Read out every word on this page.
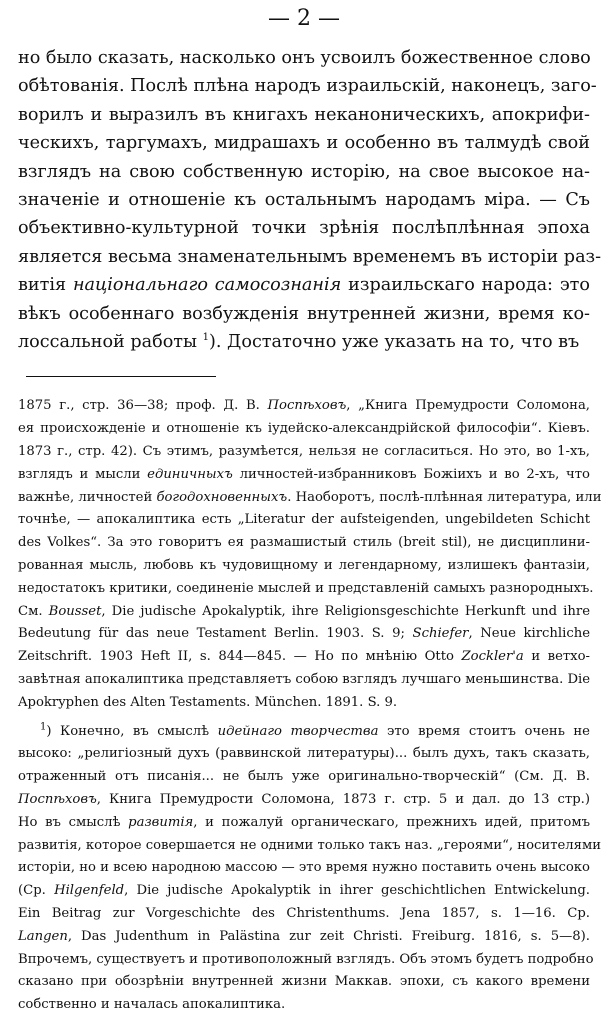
— 2 —

но было сказать, насколько онъ усвоилъ божественное слово
обѣтованія. Послѣ плѣна народъ израильскій, наконецъ, заго-
ворилъ и выразилъ въ книгахъ неканоническихъ, апокрифи-
ческихъ, таргумахъ, мидрашахъ и особенно въ талмудѣ свой
взглядъ на свою собственную исторію, на свое высокое на-
значеніе и отношеніе къ остальнымъ народамъ міра. — Съ
объективно-культурной точки зрѣнія послѣплѣнная эпоха
является весьма знаменательнымъ временемъ въ исторіи раз-
витія національнаго самосознанія израильскаго народа: это
вѣкъ особеннаго возбужденія внутренней жизни, время ко-
лоссальной работы $^1$). Достаточно уже указать на то, что въ

1875 г., стр. 36—38; проф. Д. В. Поспѣховъ, „Книга Премудрости Соломона,
ея происхожденіе и отношеніе къ іудейско-александрійской философіи“. Кіевъ.
1873 г., стр. 42). Съ этимъ, разумѣется, нельзя не согласиться. Но это, во 1-хъ,
взглядъ и мысли единичныхъ личностей-избранниковъ Божіихъ и во 2-хъ, что
важнѣе, личностей богодохновенныхъ. Наоборотъ, послѣ-плѣнная литература, или
точнѣе, — апокалиптика есть „Literatur der aufsteigenden, ungebildeten Schicht
des Volkes“. За это говоритъ ея размашистый стиль (breit stil), не дисциплини-
рованная мысль, любовь къ чудовищному и легендарному, излишекъ фантазіи,
недостатокъ критики, соединеніе мыслей и представленій самыхъ разнородныхъ.
См. Bousset, Die judische Apokalyptik, ihre Religionsgeschichte Herkunft und ihre
Bedeutung für das neue Testament Berlin. 1903. S. 9; Schiefer, Neue kirchliche
Zeitschrift. 1903 Heft II, s. 844—845. — Но по мнѣнію Otto Zockler'a и ветхо-
завѣтная апокалиптика представляетъ собою взглядъ лучшаго меньшинства. Die
Apokryphen des Alten Testaments. München. 1891. S. 9.

$^1$) Конечно, въ смыслѣ идейнаго творчества это время стоитъ очень не
высоко: „религіозный духъ (раввинской литературы)... былъ духъ, такъ сказать,
отраженный отъ писанія... не былъ уже оригинально-творческій“ (См. Д. В.
Поспѣховъ, Книга Премудрости Соломона, 1873 г. стр. 5 и дал. до 13 стр.)
Но въ смыслѣ развитія, и пожалуй органическаго, прежнихъ идей, притомъ
развитія, которое совершается не одними только такъ наз. „героями“, носителями
исторіи, но и всею народною массою — это время нужно поставить очень высоко
(Ср. Hilgenfeld, Die judische Apokalyptik in ihrer geschichtlichen Entwickelung.
Ein Beitrag zur Vorgeschichte des Christenthums. Jena 1857, s. 1—16. Cp.
Langen, Das Judenthum in Palästina zur zeit Christi. Freiburg. 1816, s. 5—8).
Впрочемъ, существуетъ и противоположный взглядъ. Объ этомъ будетъ подробно
сказано при обозрѣніи внутренней жизни Маккав. эпохи, съ какого времени
собственно и началась апокалиптика.
